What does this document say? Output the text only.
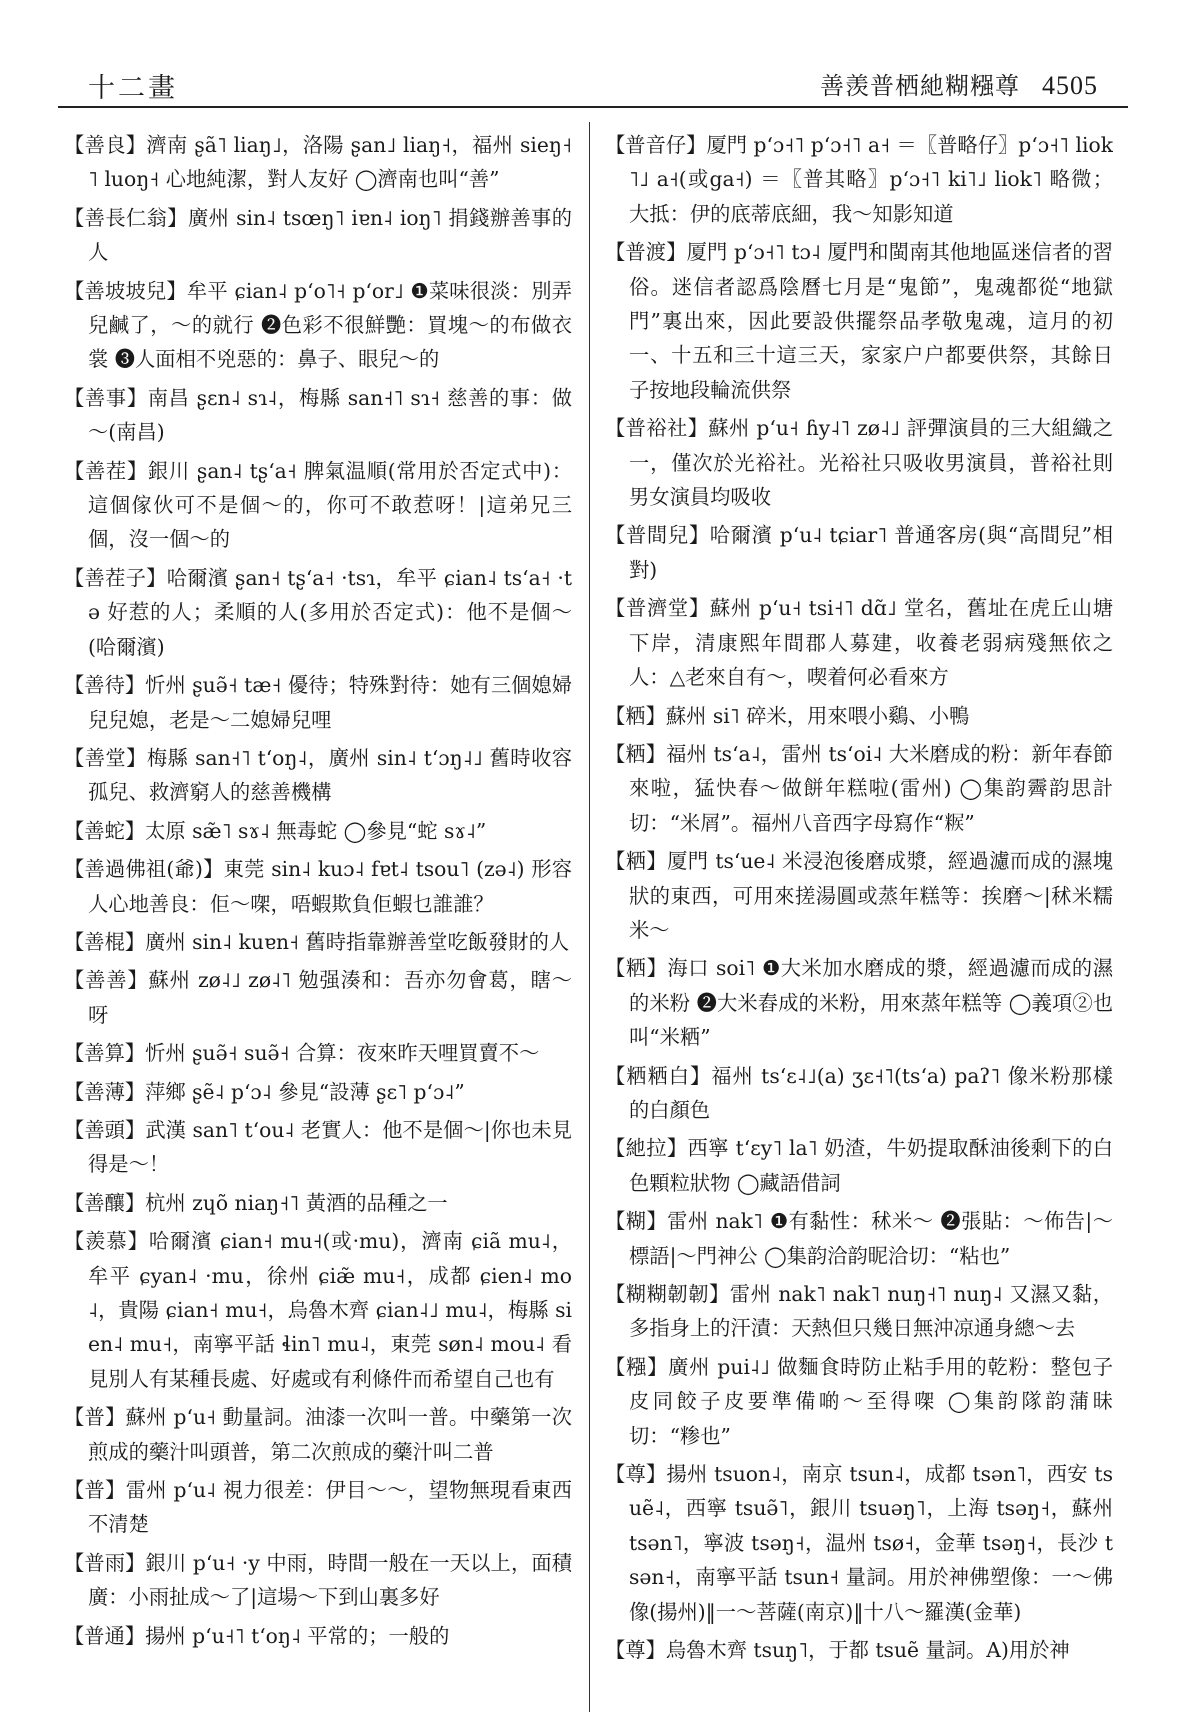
十二畫	善羡普栖䊶糊糨尊 4505

【善良】濟南 ʂã˥ liaŋ˩，洛陽 ʂan˩ liaŋ˧，福州 sieŋ˧˥ luoŋ˧ 心地純潔，對人友好 ◯濟南也叫“善”

【善長仁翁】廣州 sin˨ tsœŋ˥ iɐn˨ ioŋ˥ 捐錢辦善事的人

【善坡坡兒】牟平 ɕian˨ p‘o˥˧ p‘or˩ ❶菜味很淡：別弄兒鹹了，～的就行 ❷色彩不很鮮艷：買塊～的布做衣裳 ❸人面相不兇惡的：鼻子、眼兒～的

【善事】南昌 ʂɛn˨ sɿ˨，梅縣 san˧˥ sɿ˧ 慈善的事：做～(南昌)

【善茬】銀川 ʂan˨ tʂ‘a˧ 脾氣温順(常用於否定式中)：這個傢伙可不是個～的，你可不敢惹呀！|這弟兄三個，沒一個～的

【善茬子】哈爾濱 ʂan˧ tʂ‘a˧ ·tsɿ，牟平 ɕian˨ ts‘a˧ ·tə 好惹的人；柔順的人(多用於否定式)：他不是個～(哈爾濱)

【善待】忻州 ʂuə̃˧ tæ˧ 優待；特殊對待：她有三個媳婦兒兒媳，老是～二媳婦兒哩

【善堂】梅縣 san˧˥ t‘oŋ˨，廣州 sin˨ t‘ɔŋ˨˩ 舊時收容孤兒、救濟窮人的慈善機構

【善蛇】太原 sæ̃˥ sɤ˨ 無毒蛇 ◯參見“蛇 sɤ˨”

【善過佛祖(爺)】東莞 sin˨ kuɔ˨ fɐt˨ tsou˥ (zə˨) 形容人心地善良：佢～㗎，唔蝦欺負佢蝦乜誰誰？

【善棍】廣州 sin˨ kuɐn˧ 舊時指靠辦善堂吃飯發財的人

【善善】蘇州 zø˨˩ zø˨˥ 勉强湊和：吾亦勿會葛，瞎～呀

【善算】忻州 ʂuə̃˧ suə̃˧ 合算：夜來昨天哩買賣不～

【善薄】萍鄉 ʂẽ˨ p‘ɔ˨ 參見“設薄 ʂɛ˥ p‘ɔ˨”

【善頭】武漢 san˥ t‘ou˨ 老實人：他不是個～|你也未見得是～！

【善釀】杭州 zɥõ niaŋ˧˥ 黃酒的品種之一

【羨慕】哈爾濱 ɕian˧ mu˧(或·mu)，濟南 ɕiã mu˨，牟平 ɕyan˨ ·mu，徐州 ɕiæ̃ mu˧，成都 ɕien˨ mo˨，貴陽 ɕian˧ mu˧，烏魯木齊 ɕian˨˩ mu˨，梅縣 sien˨ mu˧，南寧平話 ɬin˥ mu˨，東莞 søn˨ mou˨ 看見別人有某種長處、好處或有利條件而希望自己也有

【普】蘇州 p‘u˧ 動量詞。油漆一次叫一普。中藥第一次煎成的藥汁叫頭普，第二次煎成的藥汁叫二普

【普】雷州 p‘u˨ 視力很差：伊目～～，望物無現看東西不清楚

【普雨】銀川 p‘u˧ ·y 中雨，時間一般在一天以上，面積廣：小雨扯成～了|這場～下到山裏多好

【普通】揚州 p‘u˧˥ t‘oŋ˨ 平常的；一般的

【普音仔】厦門 p‘ɔ˧˥ p‘ɔ˧˥ a˧ ＝〖普略仔〗p‘ɔ˧˥ liok˥˩ a˧(或ga˧) ＝〖普其略〗p‘ɔ˧˥ ki˥˩ liok˥ 略微；大抵：伊的底蒂底細，我～知影知道

【普渡】厦門 p‘ɔ˧˥ tɔ˨ 厦門和閩南其他地區迷信者的習俗。迷信者認爲陰曆七月是“鬼節”，鬼魂都從“地獄門”裏出來，因此要設供擺祭品孝敬鬼魂，這月的初一、十五和三十這三天，家家户户都要供祭，其餘日子按地段輪流供祭

【普裕社】蘇州 p‘u˧ ɦy˨˥ zø˨˩ 評彈演員的三大組織之一，僅次於光裕社。光裕社只吸收男演員，普裕社則男女演員均吸收

【普間兒】哈爾濱 p‘u˨ tɕiar˥ 普通客房(與“高間兒”相對)

【普濟堂】蘇州 p‘u˧ tsi˧˥ dɑ̃˩ 堂名，舊址在虎丘山塘下岸，清康熙年間郡人募建，收養老弱病殘無依之人：△老來自有～，喫着何必看來方

【粞】蘇州 si˥ 碎米，用來喂小鷄、小鴨

【粞】福州 ts‘a˨，雷州 ts‘oi˨ 大米磨成的粉：新年春節來啦，猛快春～做餅年糕啦(雷州) ◯集韵霽韵思計切：“米屑”。福州八音西字母寫作“𥺶”

【粞】厦門 ts‘ue˨ 米浸泡後磨成漿，經過濾而成的濕塊狀的東西，可用來搓湯圓或蒸年糕等：挨磨～|秫米糯米～

【粞】海口 soi˥ ❶大米加水磨成的漿，經過濾而成的濕的米粉 ❷大米舂成的米粉，用來蒸年糕等 ◯義項②也叫“米粞”

【粞粞白】福州 ts‘ɛ˨˩(a) ʒɛ˧˥(ts‘a) paʔ˥ 像米粉那樣的白顏色

【䊶拉】西寧 t‘ɛy˥ la˥ 奶渣，牛奶提取酥油後剩下的白色顆粒狀物 ◯藏語借詞

【糊】雷州 nak˥ ❶有黏性：秫米～ ❷張貼：～佈告|～標語|～門神公 ◯集韵洽韵昵洽切：“粘也”

【糊糊韌韌】雷州 nak˥ nak˥ nuŋ˧˥ nuŋ˨ 又濕又黏，多指身上的汗漬：天熱但只幾日無沖凉通身總～去

【糨】廣州 pui˨˩ 做麵食時防止粘手用的乾粉：整包子皮同餃子皮要準備啲～至得㗎 ◯集韵隊韵蒲昧切：“糁也”

【尊】揚州 tsuon˨，南京 tsun˨，成都 tsən˥，西安 tsuẽ˨，西寧 tsuə̃˥，銀川 tsuəŋ˥，上海 tsəŋ˧，蘇州 tsən˥，寧波 tsəŋ˧，温州 tsø˧，金華 tsəŋ˧，長沙 tsən˧，南寧平話 tsun˧ 量詞。用於神佛塑像：一～佛像(揚州)‖一～菩薩(南京)‖十八～羅漢(金華)

【尊】烏魯木齊 tsuŋ˥，于都 tsuẽ 量詞。A)用於神
